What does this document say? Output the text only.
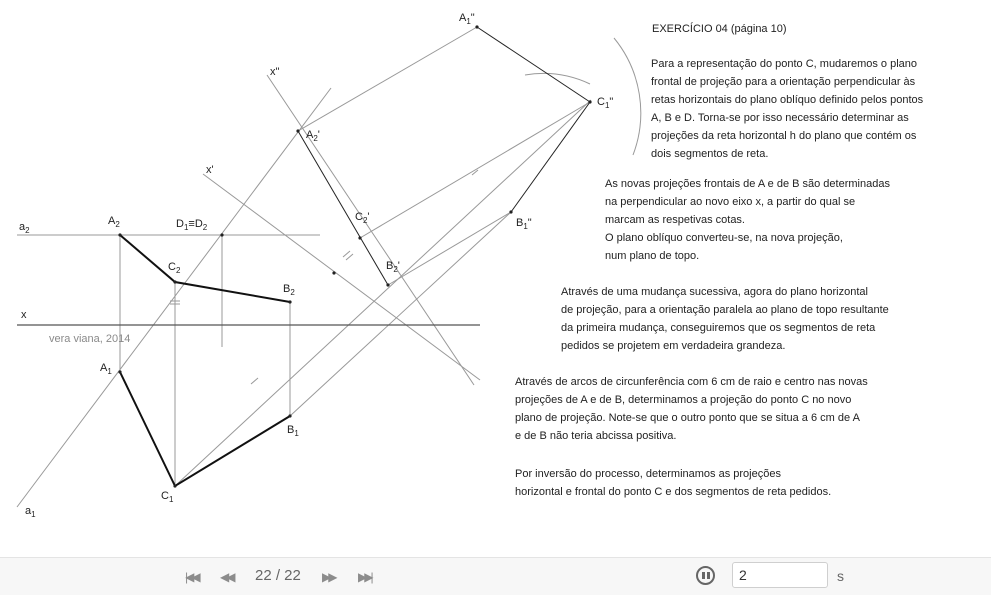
$a_2$
$a_1$
x
x"
x'
$A_2$	$D_1\equiv D_2$
$C_2$
$B_2$
$A_1$
$B_1$
$C_1$
$A_2'$
$C_2'$
$B_2'$
$A_1$"
$C_1$"
$B_1$"
vera viana, 2014
EXERCÍCIO 04 (página 10)
Para a representação do ponto C, mudaremos o plano
frontal de projeção para a orientação perpendicular às
retas horizontais do plano oblíquo definido pelos pontos
A, B e D. Torna-se por isso necessário determinar as
projeções da reta horizontal h do plano que contém os
dois segmentos de reta.
As novas projeções frontais de A e de B são determinadas
na perpendicular ao novo eixo x, a partir do qual se
marcam as respetivas cotas.
O plano oblíquo converteu-se, na nova projeção,
num plano de topo.
Através de uma mudança sucessiva, agora do plano horizontal
de projeção, para a orientação paralela ao plano de topo resultante
da primeira mudança, conseguiremos que os segmentos de reta
pedidos se projetem em verdadeira grandeza.
Através de arcos de circunferência com 6 cm de raio e centro nas novas
projeções de A e de B, determinamos a projeção do ponto C no novo
plano de projeção. Note-se que o outro ponto que se situa a 6 cm de A
e de B não teria abcissa positiva.
Por inversão do processo, determinamos as projeções
horizontal e frontal do ponto C e dos segmentos de reta pedidos.
|◀◀ ◀◀ 22 / 22 ▶▶ ▶▶|
2	s
